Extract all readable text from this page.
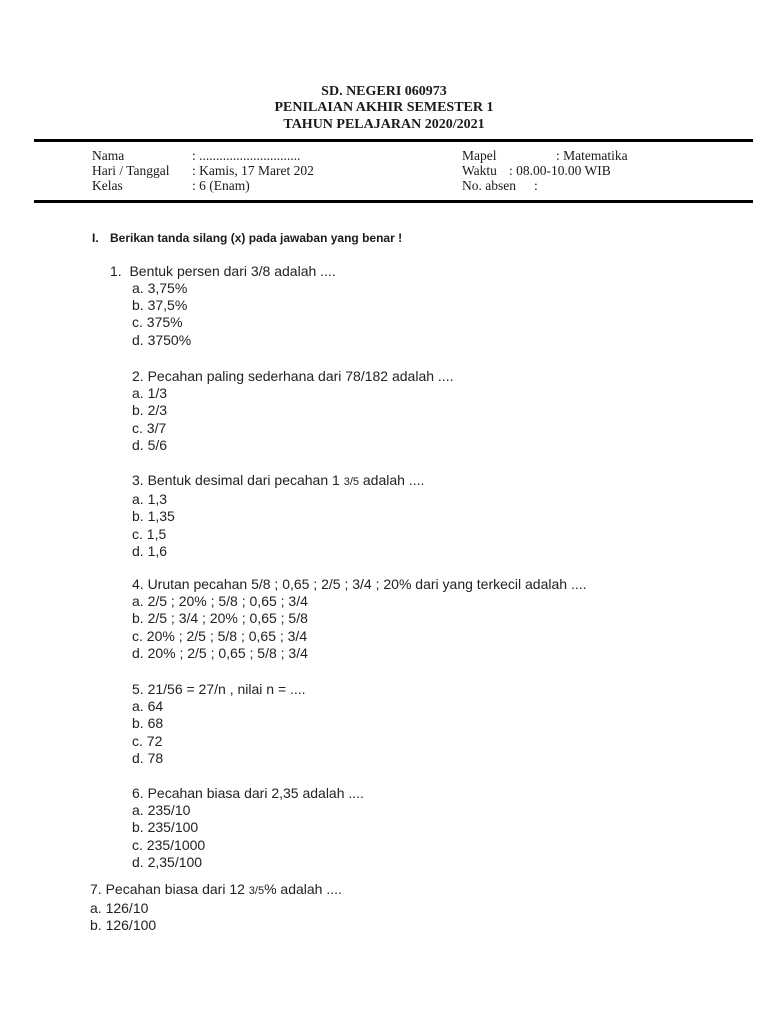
SD. NEGERI 060973
PENILAIAN AKHIR SEMESTER 1
TAHUN PELAJARAN 2020/2021
Nama
Hari / Tanggal
Kelas
: ..............................
: Kamis, 17 Maret 202
: 6 (Enam)
Mapel
Waktu
No. absen
: Matematika
: 08.00-10.00 WIB
:
I. Berikan tanda silang (x) pada jawaban yang benar !
1. Bentuk persen dari 3/8 adalah ....
a. 3,75%
b. 37,5%
c. 375%
d. 3750%
2. Pecahan paling sederhana dari 78/182 adalah ....
a. 1/3
b. 2/3
c. 3/7
d. 5/6
3. Bentuk desimal dari pecahan 1 3/5 adalah ....
a. 1,3
b. 1,35
c. 1,5
d. 1,6
4. Urutan pecahan 5/8 ; 0,65 ; 2/5 ; 3/4 ; 20% dari yang terkecil adalah ....
a. 2/5 ; 20% ; 5/8 ; 0,65 ; 3/4
b. 2/5 ; 3/4 ; 20% ; 0,65 ; 5/8
c. 20% ; 2/5 ; 5/8 ; 0,65 ; 3/4
d. 20% ; 2/5 ; 0,65 ; 5/8 ; 3/4
5. 21/56 = 27/n , nilai n = ....
a. 64
b. 68
c. 72
d. 78
6. Pecahan biasa dari 2,35 adalah ....
a. 235/10
b. 235/100
c. 235/1000
d. 2,35/100
7. Pecahan biasa dari 12 3/5% adalah ....
a. 126/10
b. 126/100
